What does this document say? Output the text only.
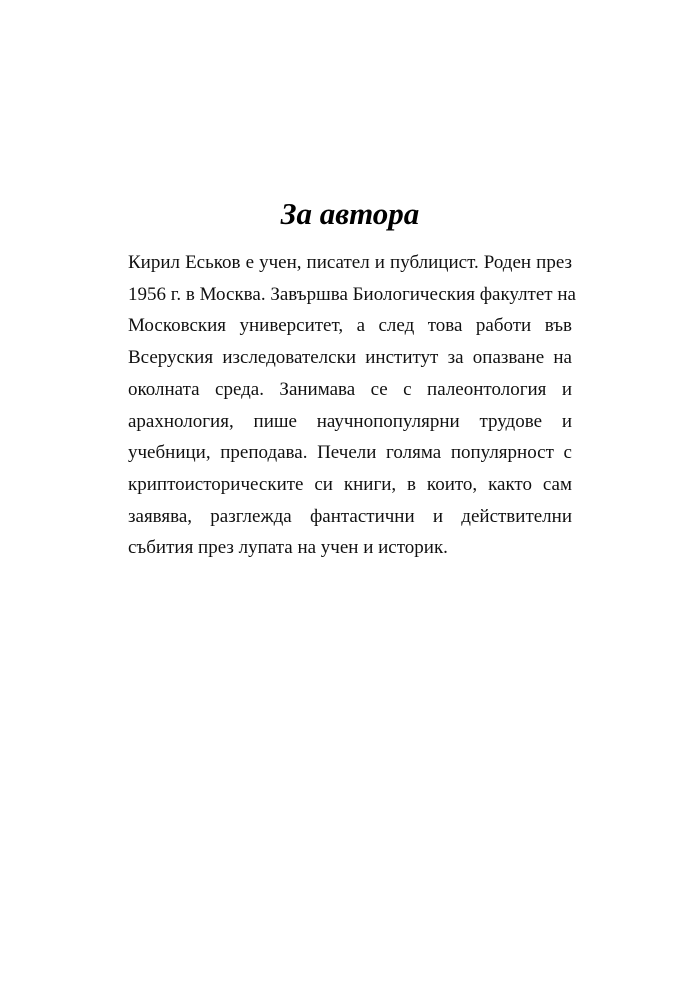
За автора
Кирил Еськов е учен, писател и публицист. Роден през
1956 г. в Москва. Завършва Биологическия факултет на
Московския университет, а след това работи във
Всеруския изследователски институт за опазване на
околната среда. Занимава се с палеонтология и
арахнология, пише научнопопулярни трудове и
учебници, преподава. Печели голяма популярност с
криптоисторическите си книги, в които, както сам
заявява, разглежда фантастични и действителни
събития през лупата на учен и историк.
